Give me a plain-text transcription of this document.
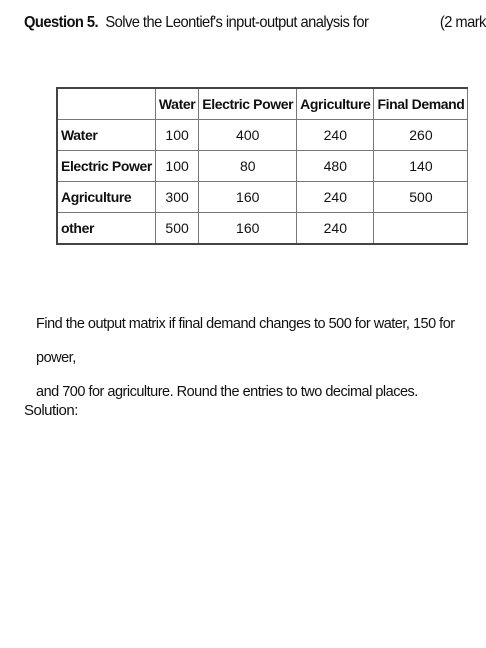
Question 5. Solve the Leontief's input-output analysis for	(2 mark
	Water	Electric Power	Agriculture	Final Demand
Water	100	400	240	260
Electric Power	100	80	480	140
Agriculture	300	160	240	500
other	500	160	240	
Find the output matrix if final demand changes to 500 for water, 150 for power,
and 700 for agriculture. Round the entries to two decimal places.
Solution:
